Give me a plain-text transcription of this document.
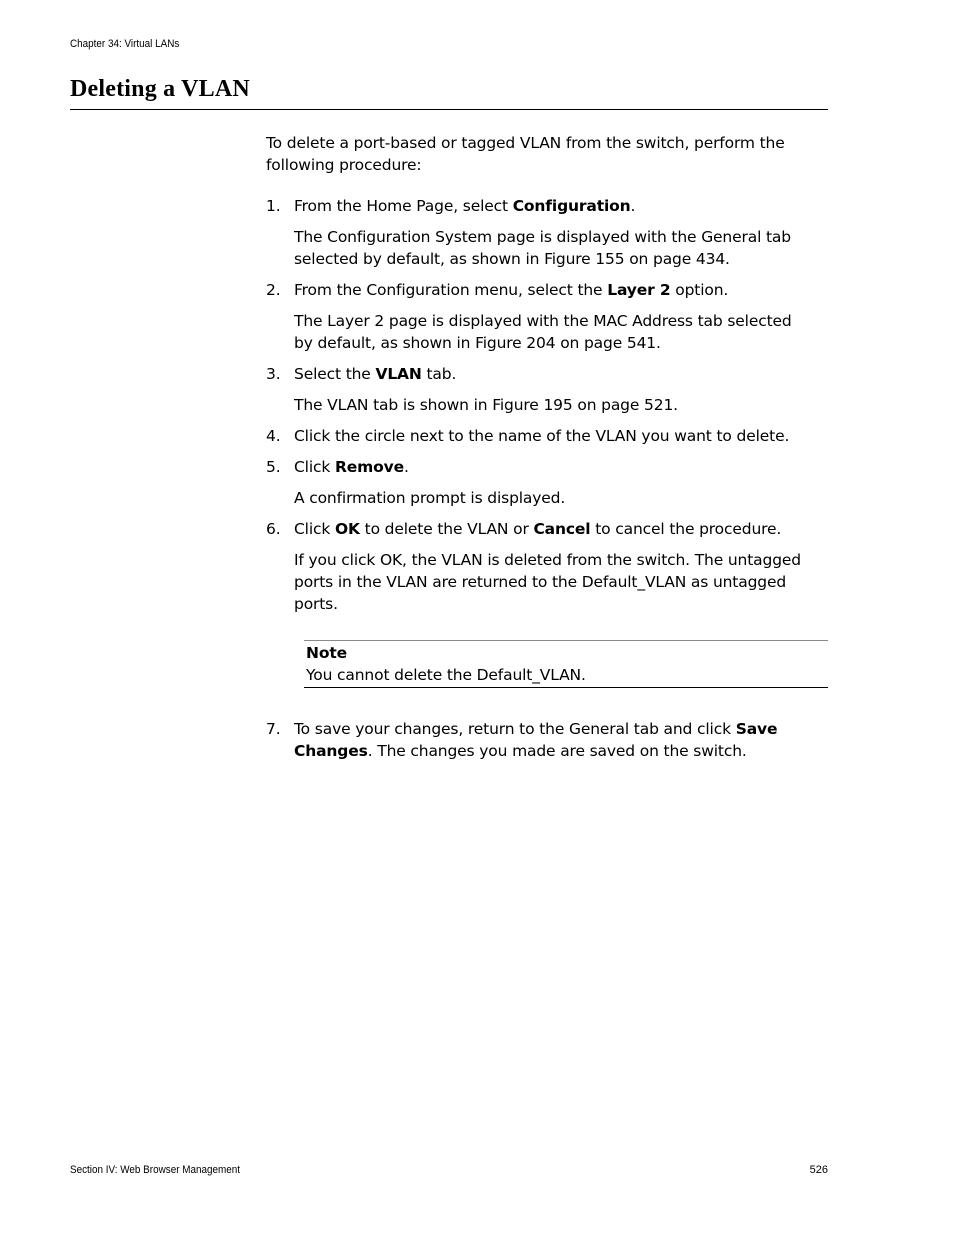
Chapter 34: Virtual LANs
Deleting a VLAN

To delete a port-based or tagged VLAN from the switch, perform the following procedure:

1. From the Home Page, select Configuration.

The Configuration System page is displayed with the General tab selected by default, as shown in Figure 155 on page 434.

2. From the Configuration menu, select the Layer 2 option.

The Layer 2 page is displayed with the MAC Address tab selected by default, as shown in Figure 204 on page 541.

3. Select the VLAN tab.

The VLAN tab is shown in Figure 195 on page 521.

4. Click the circle next to the name of the VLAN you want to delete.
5. Click Remove.

A confirmation prompt is displayed.

6. Click OK to delete the VLAN or Cancel to cancel the procedure.

If you click OK, the VLAN is deleted from the switch. The untagged ports in the VLAN are returned to the Default_VLAN as untagged ports.

Note
You cannot delete the Default_VLAN.
7. To save your changes, return to the General tab and click Save Changes. The changes you made are saved on the switch.
Section IV: Web Browser Management	526
